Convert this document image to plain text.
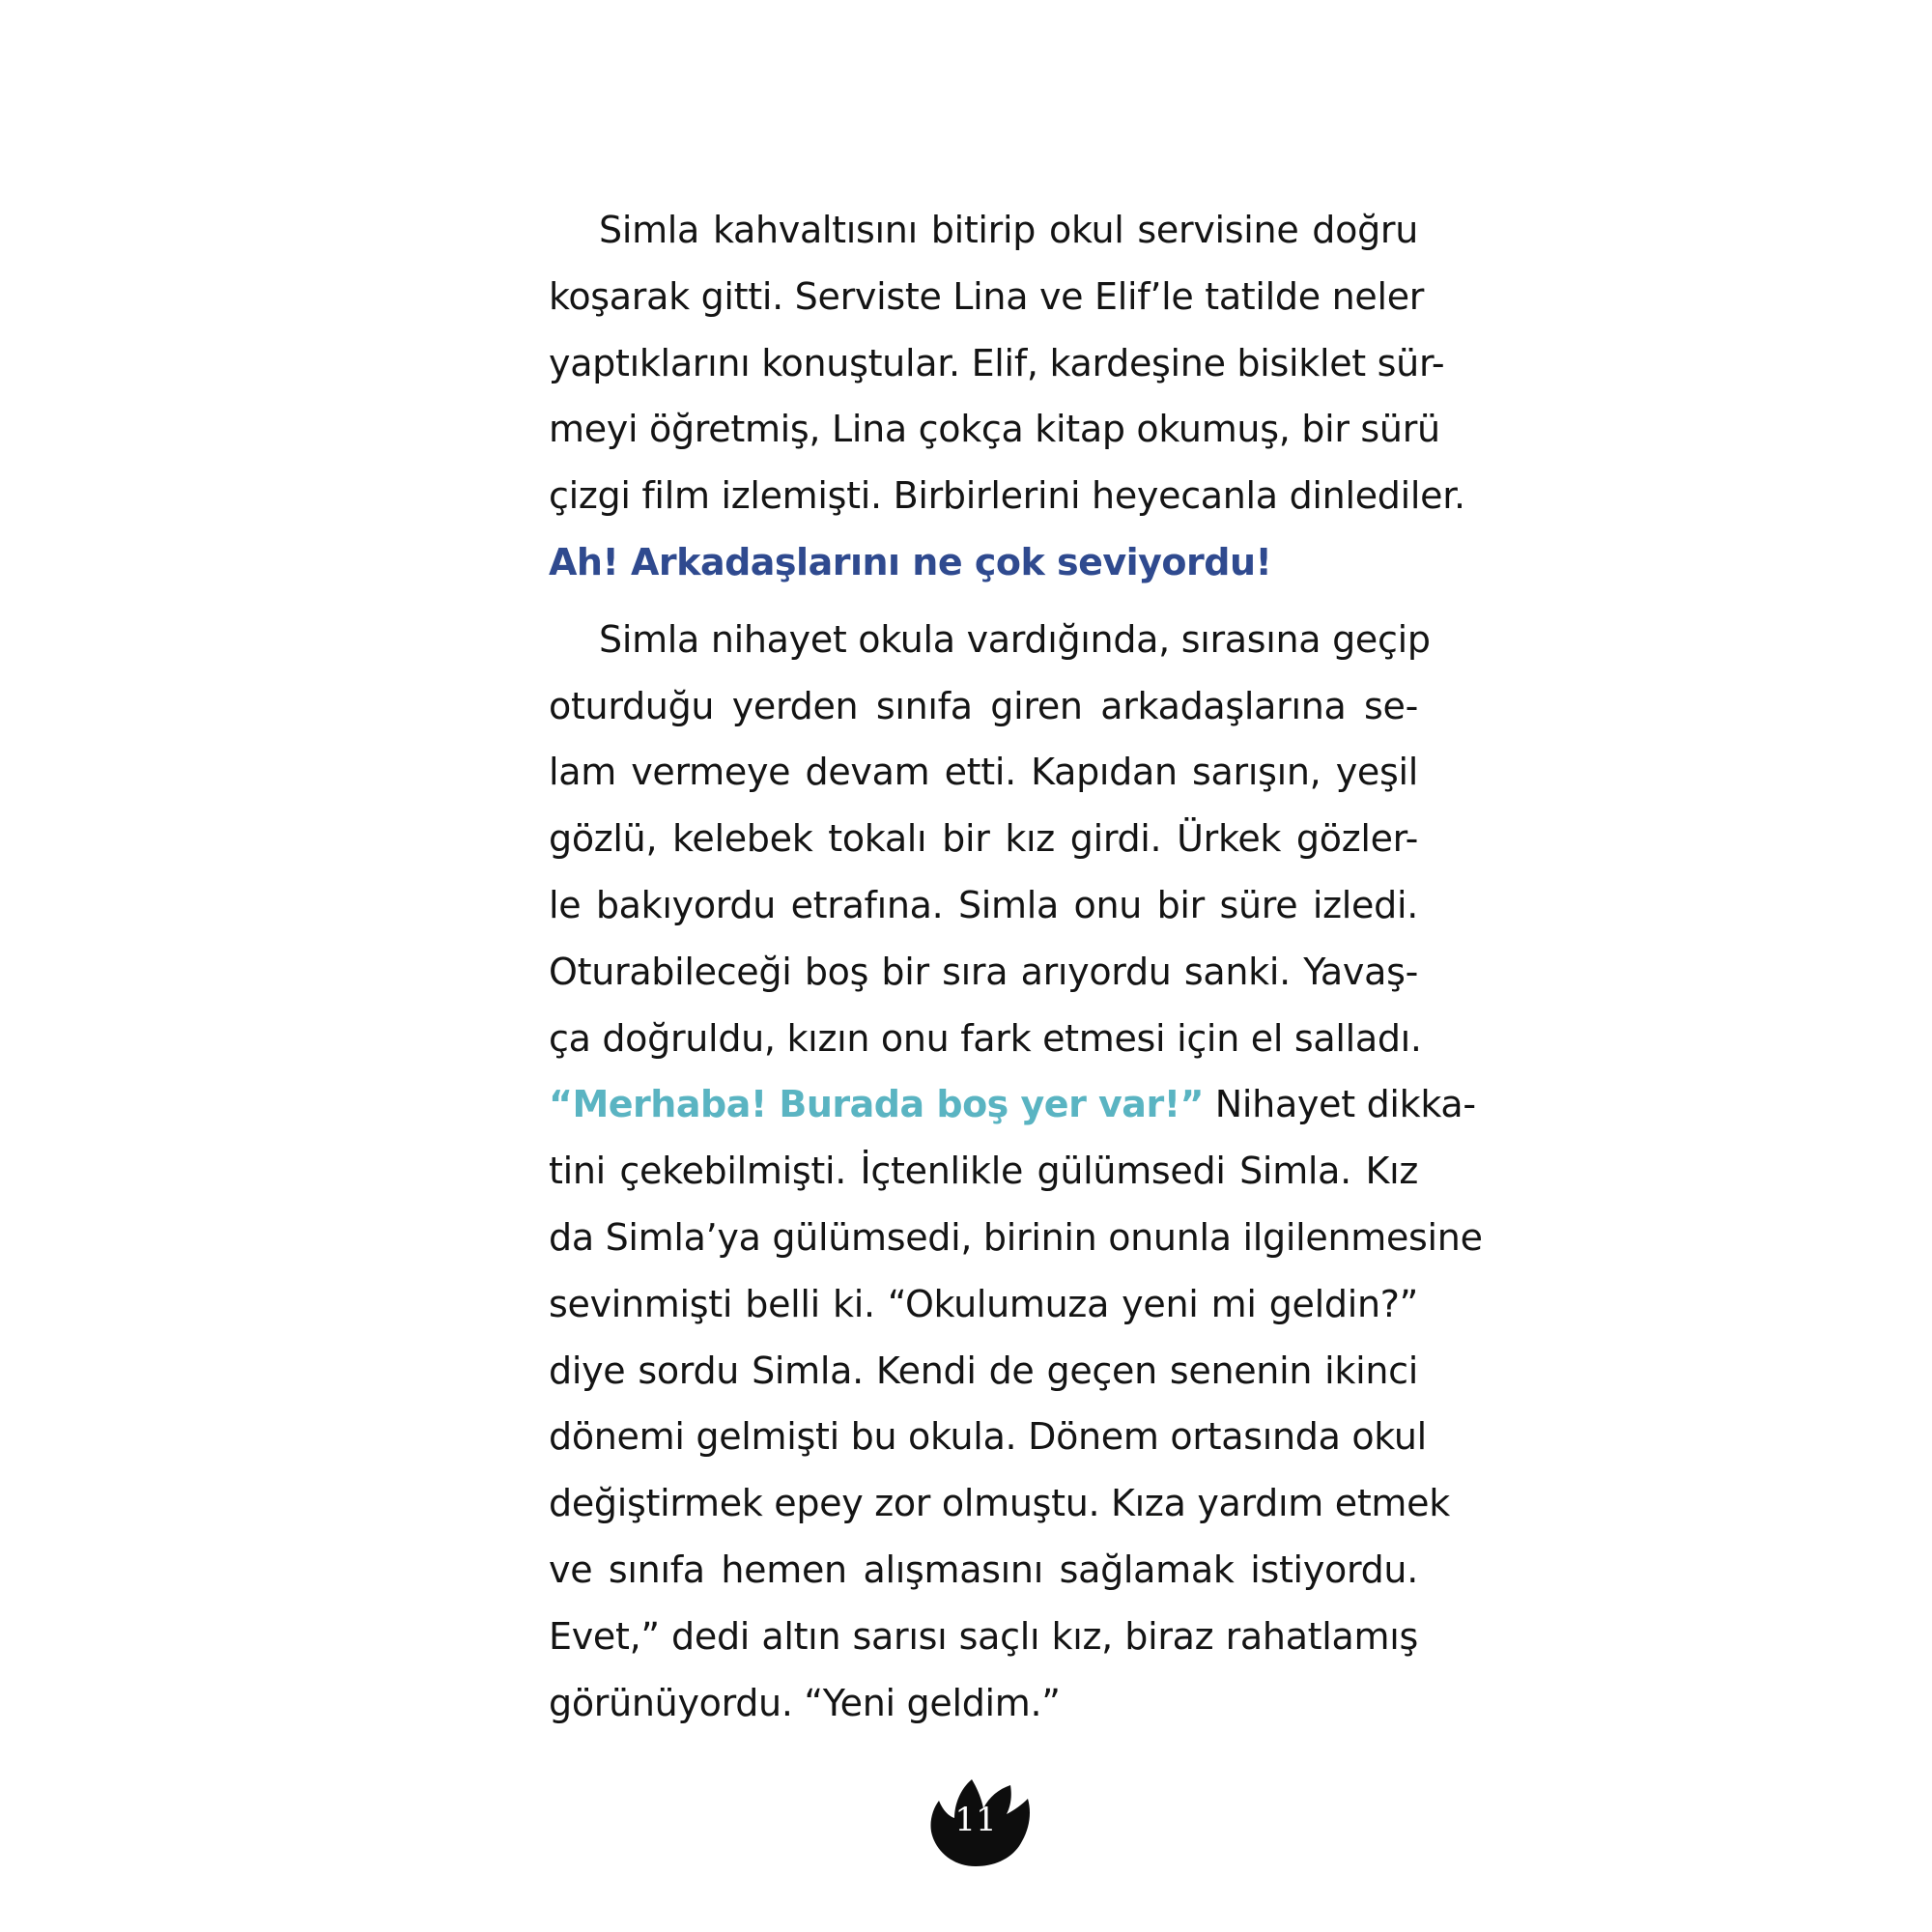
Simla kahvaltısını bitirip okul servisine doğru
koşarak gitti. Serviste Lina ve Elif’le tatilde neler
yaptıklarını konuştular. Elif, kardeşine bisiklet sür-
meyi öğretmiş, Lina çokça kitap okumuş, bir sürü
çizgi film izlemişti. Birbirlerini heyecanla dinlediler.
Ah! Arkadaşlarını ne çok seviyordu!
Simla nihayet okula vardığında, sırasına geçip
oturduğu yerden sınıfa giren arkadaşlarına se-
lam vermeye devam etti. Kapıdan sarışın, yeşil
gözlü, kelebek tokalı bir kız girdi. Ürkek gözler-
le bakıyordu etrafına. Simla onu bir süre izledi.
Oturabileceği boş bir sıra arıyordu sanki. Yavaş-
ça doğruldu, kızın onu fark etmesi için el salladı.
“Merhaba! Burada boş yer var!” Nihayet dikka-
tini çekebilmişti. İçtenlikle gülümsedi Simla. Kız
da Simla’ya gülümsedi, birinin onunla ilgilenmesine
sevinmişti belli ki. “Okulumuza yeni mi geldin?”
diye sordu Simla. Kendi de geçen senenin ikinci
dönemi gelmişti bu okula. Dönem ortasında okul
değiştirmek epey zor olmuştu. Kıza yardım etmek
ve sınıfa hemen alışmasını sağlamak istiyordu.
Evet,” dedi altın sarısı saçlı kız, biraz rahatlamış
görünüyordu. “Yeni geldim.”
11
